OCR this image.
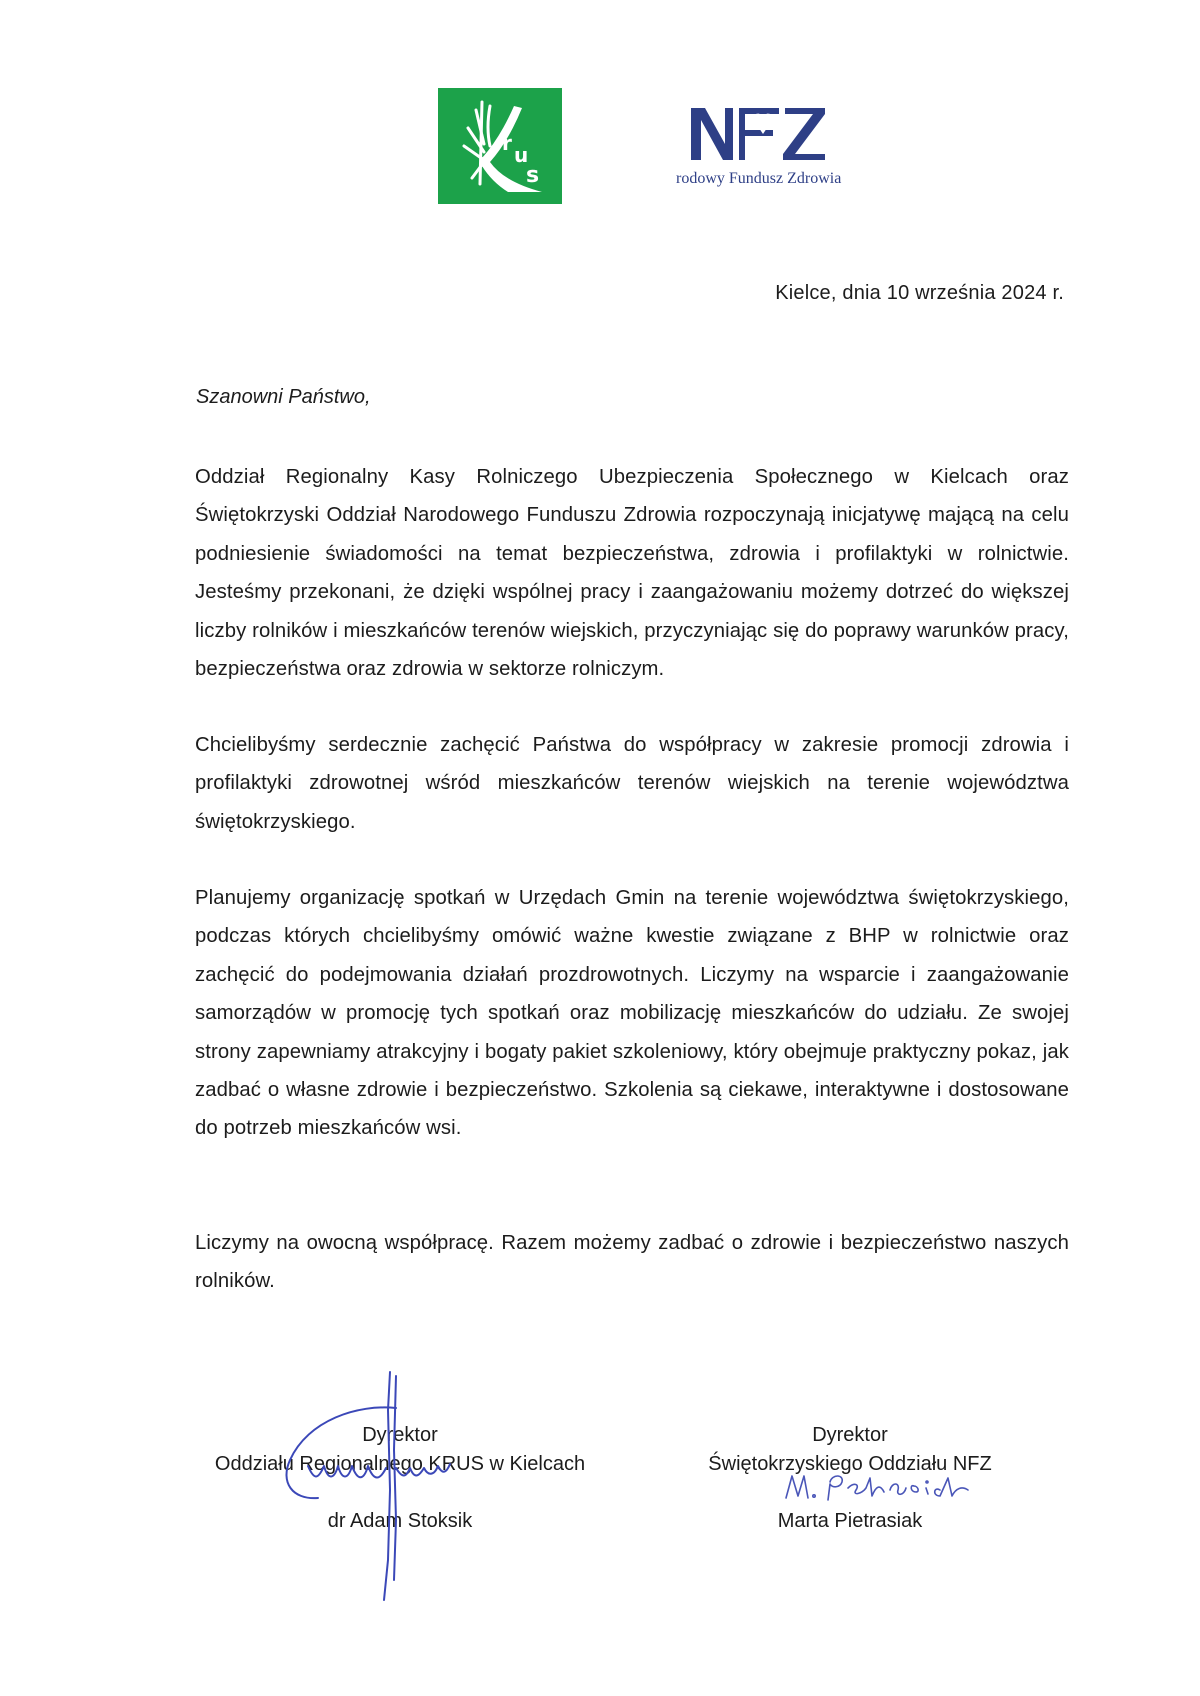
r u
s	rodowy Fundusz Zdrowia
Kielce, dnia 10 września 2024 r.
Szanowni Państwo,

Oddział Regionalny Kasy Rolniczego Ubezpieczenia Społecznego w Kielcach oraz Świętokrzyski Oddział Narodowego Funduszu Zdrowia rozpoczynają inicjatywę mającą na celu podniesienie świadomości na temat bezpieczeństwa, zdrowia i profilaktyki w rolnictwie. Jesteśmy przekonani, że dzięki wspólnej pracy i zaangażowaniu możemy dotrzeć do większej liczby rolników i mieszkańców terenów wiejskich, przyczyniając się do poprawy warunków pracy, bezpieczeństwa oraz zdrowia w sektorze rolniczym.

Chcielibyśmy serdecznie zachęcić Państwa do współpracy w zakresie promocji zdrowia i profilaktyki zdrowotnej wśród mieszkańców terenów wiejskich na terenie województwa świętokrzyskiego.

Planujemy organizację spotkań w Urzędach Gmin na terenie województwa świętokrzyskiego, podczas których chcielibyśmy omówić ważne kwestie związane z BHP w rolnictwie oraz zachęcić do podejmowania działań prozdrowotnych. Liczymy na wsparcie i zaangażowanie samorządów w promocję tych spotkań oraz mobilizację mieszkańców do udziału. Ze swojej strony zapewniamy atrakcyjny i bogaty pakiet szkoleniowy, który obejmuje praktyczny pokaz, jak zadbać o własne zdrowie i bezpieczeństwo. Szkolenia są ciekawe, interaktywne i dostosowane do potrzeb mieszkańców wsi.

Liczymy na owocną współpracę. Razem możemy zadbać o zdrowie i bezpieczeństwo naszych rolników.

Dyrektor
Oddziału Regionalnego KRUS w Kielcach
dr Adam Stoksik
Dyrektor
Świętokrzyskiego Oddziału NFZ
Marta Pietrasiak
